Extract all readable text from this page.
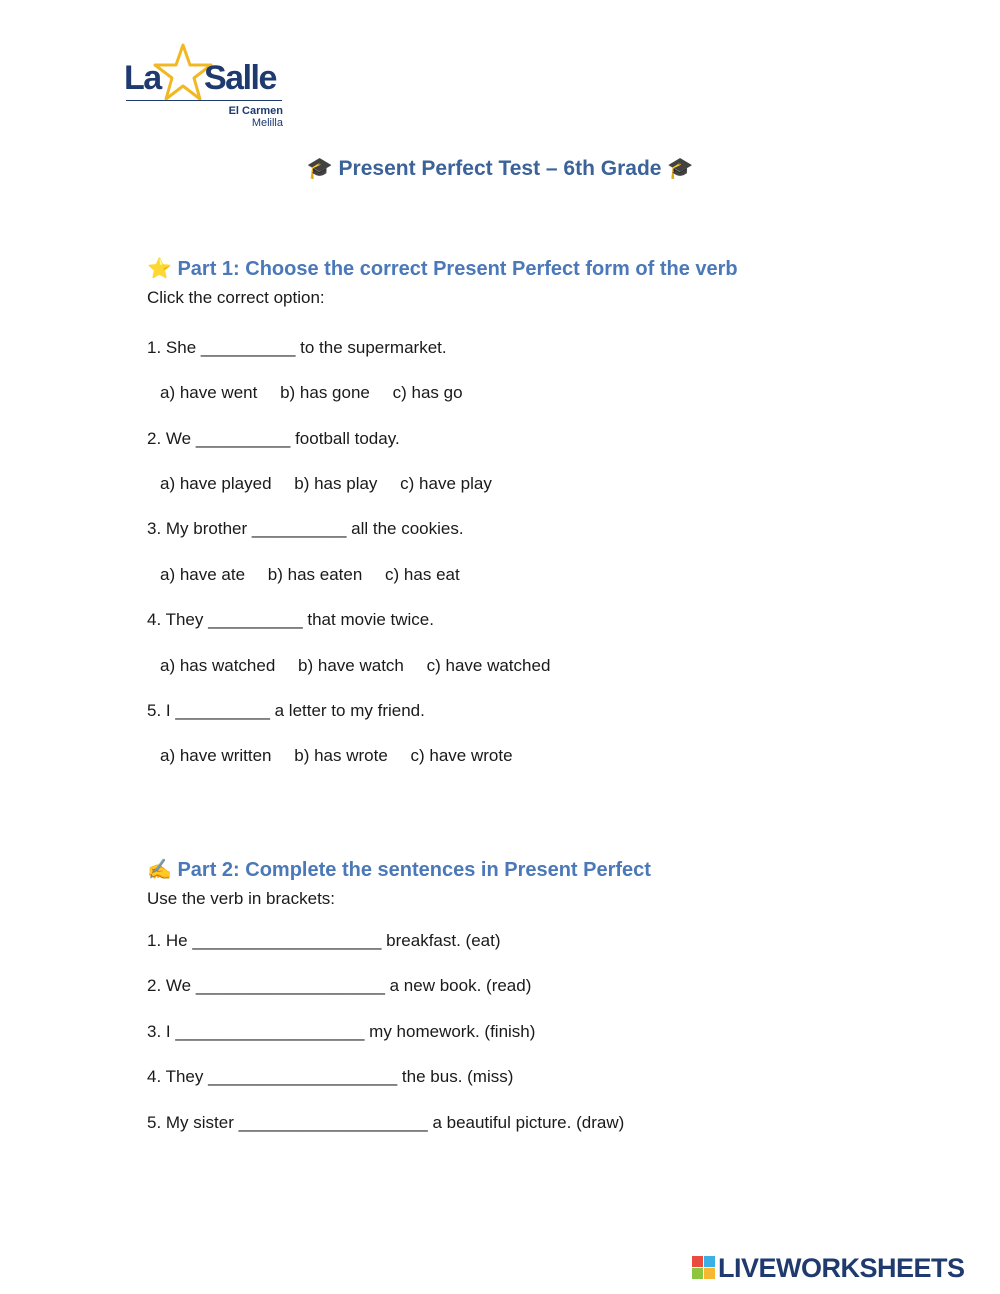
La Salle
El Carmen
Melilla
🎓 Present Perfect Test – 6th Grade 🎓
⭐ Part 1: Choose the correct Present Perfect form of the verb
Click the correct option:
1. She __________ to the supermarket.
a) have went b) has gone c) has go
2. We __________ football today.
a) have played b) has play c) have play
3. My brother __________ all the cookies.
a) have ate b) has eaten c) has eat
4. They __________ that movie twice.
a) has watched b) have watch c) have watched
5. I __________ a letter to my friend.
a) have written b) has wrote c) have wrote
✍️ Part 2: Complete the sentences in Present Perfect
Use the verb in brackets:
1. He ____________________ breakfast. (eat)
2. We ____________________ a new book. (read)
3. I ____________________ my homework. (finish)
4. They ____________________ the bus. (miss)
5. My sister ____________________ a beautiful picture. (draw)
LIVEWORKSHEETS
